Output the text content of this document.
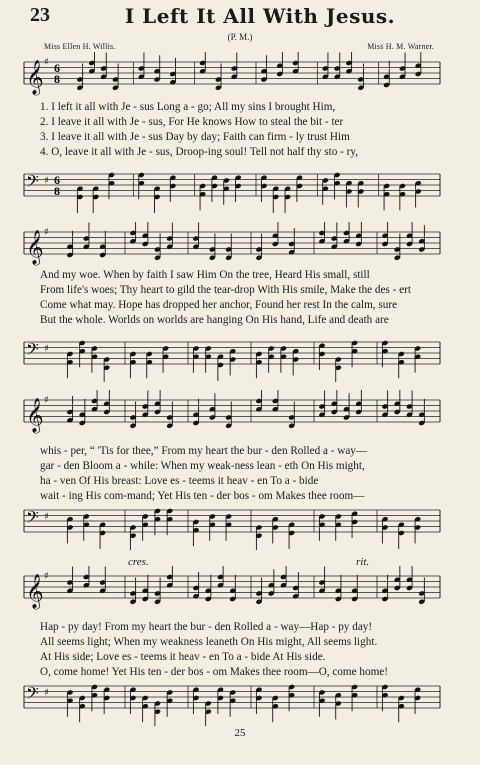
23	I Left It All With Jesus.
(P. M.)
Miss Ellen H. Willis.	Miss H. M. Warner.
𝄞 ♯ 6
8
1. I left it all with Je - sus Long a - go; All my sins I brought Him,
2. I leave it all with Je - sus, For He knows How to steal the bit - ter
3. I leave it all with Je - sus Day by day; Faith can firm - ly trust Him
4. O, leave it all with Je - sus, Droop-ing soul! Tell not half thy sto - ry,
𝄢 ♯ 6
8
𝄞 ♯
And my woe. When by faith I saw Him On the tree, Heard His small, still
From life's woes; Thy heart to gild the tear-drop With His smile, Make the des - ert
Come what may. Hope has dropped her anchor, Found her rest In the calm, sure
But the whole. Worlds on worlds are hanging On His hand, Life and death are
𝄢 ♯
𝄞 ♯
whis - per, “ 'Tis for thee,” From my heart the bur - den Rolled a - way—
gar - den Bloom a - while: When my weak-ness lean - eth On His might,
ha - ven Of His breast: Love es - teems it heav - en To a - bide
wait - ing His com-mand; Yet His ten - der bos - om Makes thee room—
𝄢 ♯
cres.	rit.
𝄞 ♯
Hap - py day! From my heart the bur - den Rolled a - way—Hap - py day!
All seems light; When my weakness leaneth On His might, All seems light.
At His side; Love es - teems it heav - en To a - bide At His side.
O, come home! Yet His ten - der bos - om Makes thee room—O, come home!
𝄢 ♯
25
